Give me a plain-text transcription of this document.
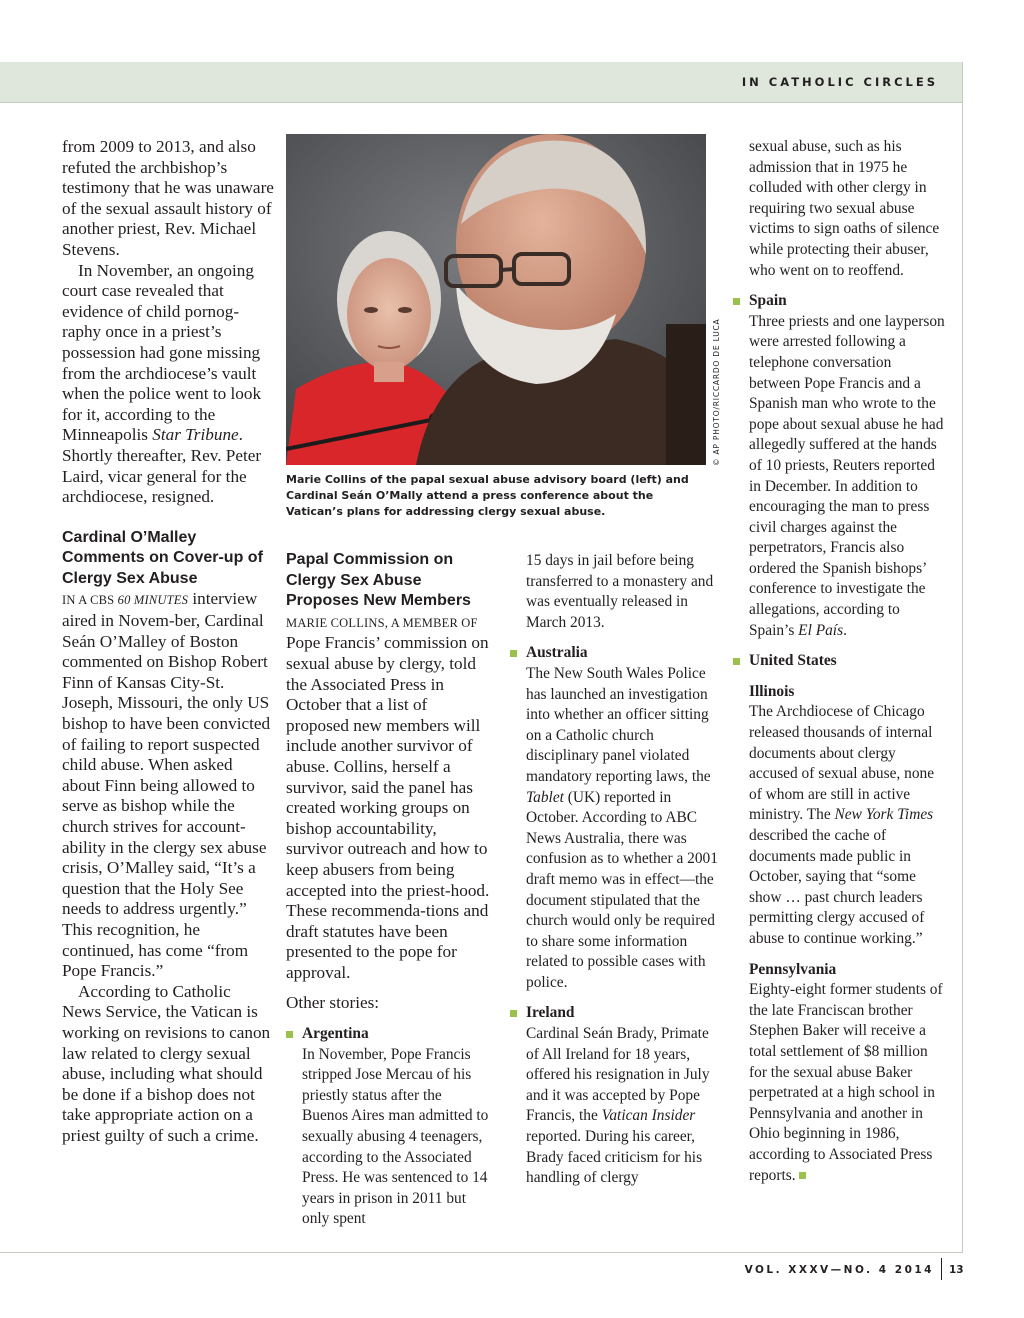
IN CATHOLIC CIRCLES
VOL. XXXV—NO. 4 2014 13
© AP PHOTO/RICCARDO DE LUCA
Marie Collins of the papal sexual abuse advisory board (left) and Cardinal Seán O’Mally attend a press conference about the Vatican’s plans for addressing clergy sexual abuse.

from 2009 to 2013, and also refuted the archbishop’s testimony that he was unaware of the sexual assault history of another priest, Rev. Michael Stevens.

In November, an ongoing court case revealed that evidence of child pornog-raphy once in a priest’s possession had gone missing from the archdiocese’s vault when the police went to look for it, according to the Minneapolis Star Tribune. Shortly thereafter, Rev. Peter Laird, vicar general for the archdiocese, resigned.

Cardinal O’Malley Comments on Cover-up of Clergy Sex Abuse

IN A CBS 60 MINUTES interview aired in Novem-ber, Cardinal Seán O’Malley of Boston commented on Bishop Robert Finn of Kansas City-St. Joseph, Missouri, the only US bishop to have been convicted of failing to report suspected child abuse. When asked about Finn being allowed to serve as bishop while the church strives for account-ability in the clergy sex abuse crisis, O’Malley said, “It’s a question that the Holy See needs to address urgently.” This recognition, he continued, has come “from Pope Francis.”

According to Catholic News Service, the Vatican is working on revisions to canon law related to clergy sexual abuse, including what should be done if a bishop does not take appropriate action on a priest guilty of such a crime.

Papal Commission on Clergy Sex Abuse Proposes New Members

MARIE COLLINS, A MEMBER OF Pope Francis’ commission on sexual abuse by clergy, told the Associated Press in October that a list of proposed new members will include another survivor of abuse. Collins, herself a survivor, said the panel has created working groups on bishop accountability, survivor outreach and how to keep abusers from being accepted into the priest-hood. These recommenda-tions and draft statutes have been presented to the pope for approval.

Other stories:

Argentina

In November, Pope Francis stripped Jose Mercau of his priestly status after the Buenos Aires man admitted to sexually abusing 4 teenagers, according to the Associated Press. He was sentenced to 14 years in prison in 2011 but only spent

15 days in jail before being transferred to a monastery and was eventually released in March 2013.

Australia

The New South Wales Police has launched an investigation into whether an officer sitting on a Catholic church disciplinary panel violated mandatory reporting laws, the Tablet (UK) reported in October. According to ABC News Australia, there was confusion as to whether a 2001 draft memo was in effect—the document stipulated that the church would only be required to share some information related to possible cases with police.

Ireland

Cardinal Seán Brady, Primate of All Ireland for 18 years, offered his resignation in July and it was accepted by Pope Francis, the Vatican Insider reported. During his career, Brady faced criticism for his handling of clergy

sexual abuse, such as his admission that in 1975 he colluded with other clergy in requiring two sexual abuse victims to sign oaths of silence while protecting their abuser, who went on to reoffend.

Spain

Three priests and one layperson were arrested following a telephone conversation between Pope Francis and a Spanish man who wrote to the pope about sexual abuse he had allegedly suffered at the hands of 10 priests, Reuters reported in December. In addition to encouraging the man to press civil charges against the perpetrators, Francis also ordered the Spanish bishops’ conference to investigate the allegations, according to Spain’s El País.

United States

Illinois

The Archdiocese of Chicago released thousands of internal documents about clergy accused of sexual abuse, none of whom are still in active ministry. The New York Times described the cache of documents made public in October, saying that “some show … past church leaders permitting clergy accused of abuse to continue working.”

Pennsylvania

Eighty-eight former students of the late Franciscan brother Stephen Baker will receive a total settlement of $8 million for the sexual abuse Baker perpetrated at a high school in Pennsylvania and another in Ohio beginning in 1986, according to Associated Press reports.
